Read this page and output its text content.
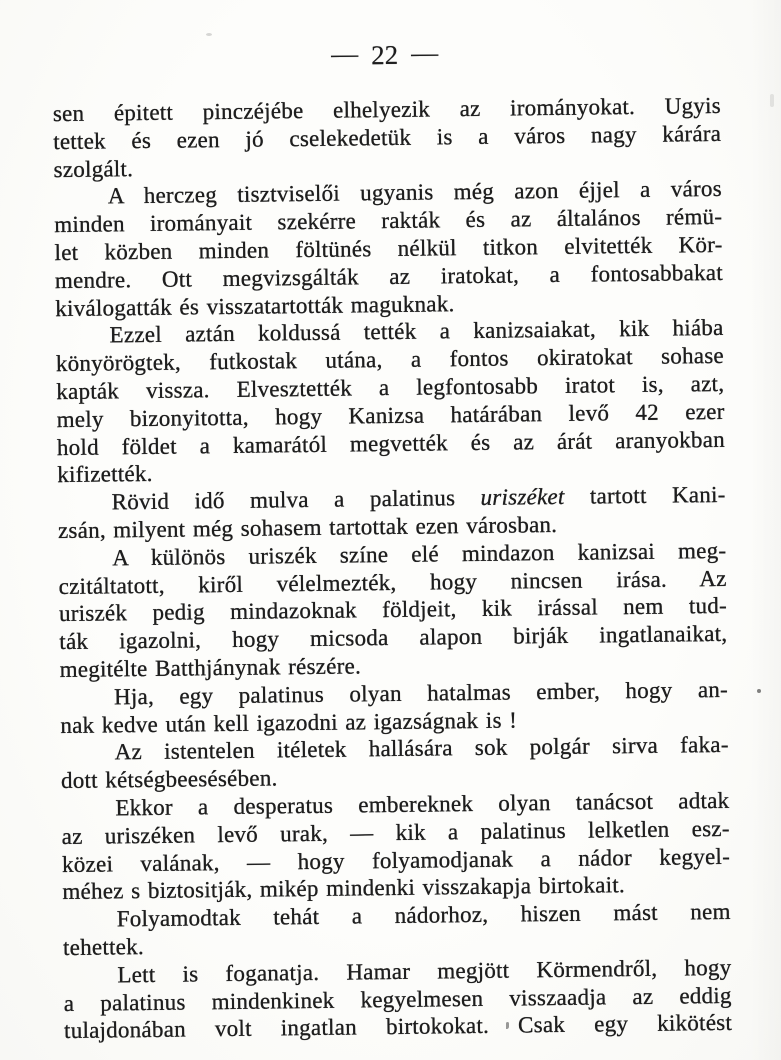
— 22 —
sen épitett pinczéjébe elhelyezik az irományokat. Ugyis
tettek és ezen jó cselekedetük is a város nagy kárára
szolgált.
A herczeg tisztviselői ugyanis még azon éjjel a város
minden irományait szekérre rakták és az általános rémü-
let közben minden föltünés nélkül titkon elvitették Kör-
mendre. Ott megvizsgálták az iratokat, a fontosabbakat
kiválogatták és visszatartották maguknak.
Ezzel aztán koldussá tették a kanizsaiakat, kik hiába
könyörögtek, futkostak utána, a fontos okiratokat sohase
kapták vissza. Elvesztették a legfontosabb iratot is, azt,
mely bizonyitotta, hogy Kanizsa határában levő 42 ezer
hold földet a kamarától megvették és az árát aranyokban
kifizették.
Rövid idő mulva a palatinus uriszéket tartott Kani-
zsán, milyent még sohasem tartottak ezen városban.
A különös uriszék színe elé mindazon kanizsai meg-
czitáltatott, kiről vélelmezték, hogy nincsen irása. Az
uriszék pedig mindazoknak földjeit, kik irással nem tud-
ták igazolni, hogy micsoda alapon birják ingatlanaikat,
megitélte Batthjánynak részére.
Hja, egy palatinus olyan hatalmas ember, hogy an-
nak kedve után kell igazodni az igazságnak is !
Az istentelen itéletek hallására sok polgár sirva faka-
dott kétségbeesésében.
Ekkor a desperatus embereknek olyan tanácsot adtak
az uriszéken levő urak, — kik a palatinus lelketlen esz-
közei valának, — hogy folyamodjanak a nádor kegyel-
méhez s biztositják, mikép mindenki visszakapja birtokait.
Folyamodtak tehát a nádorhoz, hiszen mást nem
tehettek.
Lett is foganatja. Hamar megjött Körmendről, hogy
a palatinus mindenkinek kegyelmesen visszaadja az eddig
tulajdonában volt ingatlan birtokokat. Csak egy kikötést
